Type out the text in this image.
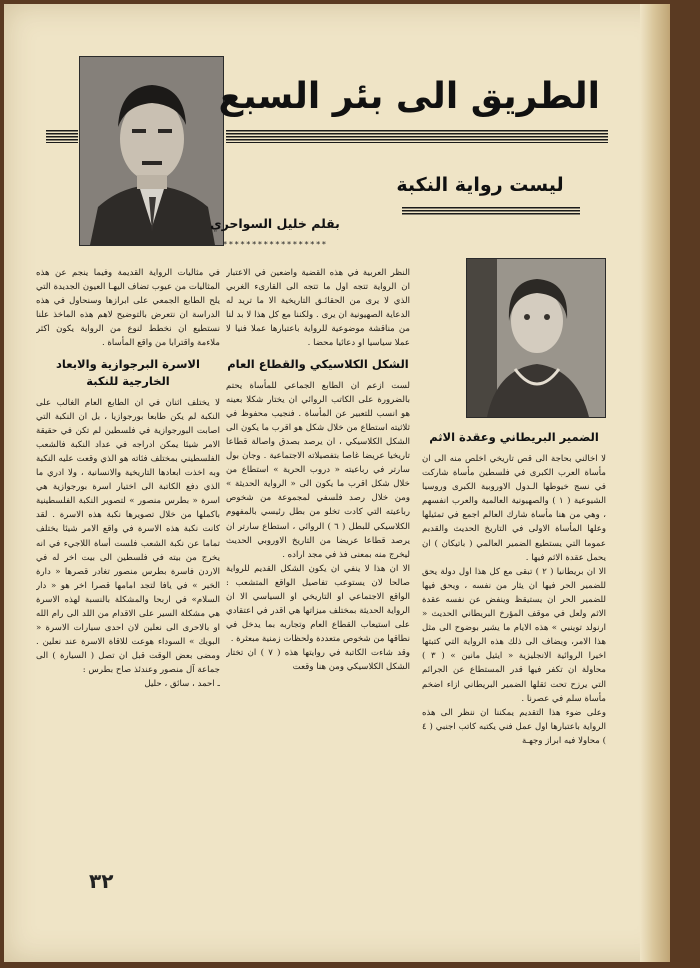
الطريق الى بئر السبع
ليست رواية النكبة
بقلم خليل السواحري
******************

الضمير البريطاني وعقدة الاثم

لا اخالني بحاجة الى قص تاريخي اخلص منه الى ان مأساة العرب الكبرى في فلسطين مأساة شاركت في نسج خيوطها الـدول الاوروبية الكبرى وروسيا الشيوعية ( ١ ) والصهيونية العالمية والعرب انفسهم ، وهي من هنا مأساة شارك العالم اجمع في تمثيلها وعلها المأساة الاولى في التاريخ الحديث والقديم عموما التي يستطيع الضمير العالمي ( باتيكان ) ان يحمل عقدة الاثم فيها .

الا ان بريطانيا ( ٢ ) تبقى مع كل هذا اول دولة يحق للضمير الحر فيها ان يثار من نفسه ، ويحق فيها للضمير الحر ان يستيقظ وينفض عن نفسه عقدة الاثم ولعل في موقف المؤرخ البريطاني الحديث « ارنولد توينبي » هذه الايام ما يشير بوضوح الى مثل هذا الامر، ويضاف الى ذلك هذه الرواية التي كتبتها اخيرا الروائية الانجليزية « ايثيل مانين » ( ٣ ) محاولة ان تكفر فيها قدر المستطاع عن الجرائم التي يرزح تحت ثقلها الضمير البريطاني ازاء اضخم مأساة سلم في عصرنا .

وعلى ضوء هذا التقديم يمكننا ان ننظر الى هذه الرواية باعتبارها اول عمل فني يكتبه كاتب اجنبي ( ٤ ) محاولا فيه ابراز وجهـة

النظر العربية في هذه القضية واضعين في الاعتبار ان الرواية تتجه اول ما تتجه الى القارىء الغربي الذي لا يرى من الحقائـق التاريخية الا ما تريد له الدعاية الصهيونية ان يرى . ولكننا مع كل هذا لا بد لنا من مناقشة موضوعية للرواية باعتبارها عملا فنيا لا عملا سياسيا او دعائيا محضا .

الشكل الكلاسيكي والقطاع العام

لست ازعم ان الطابع الجماعي للمأساة يحتم بالضرورة على الكاتب الروائي ان يختار شكلا بعينه هو انسب للتعبير عن المأساة . فنجيب محفوظ في ثلاثيته استطاع من خلال شكل هو اقرب ما يكون الى الشكل الكلاسيكي ، ان يرصد بصدق واصالة قطاعا تاريخيا عريضا غاصا بتفصيلاته الاجتماعية . وجان بول سارتر في رباعيته « دروب الحرية » استطاع من خلال شكل اقرب ما يكون الى « الرواية الحديثة » ومن خلال رصد فلسفي لمجموعة من شخوص رباعيته التي كادت تخلو من بطل رئيسي بالمفهوم الكلاسيكي للبطل ( ٦ ) الروائي ، استطاع سارتر ان يرصد قطاعا عريضا من التاريخ الاوروبي الحديث ليخرج منه بمعنى فذ في مجد اراده .

الا ان هذا لا ينفي ان يكون الشكل القديم للرواية صالحا لان يستوعب تفاصيل الواقع المتشعب : الواقع الاجتماعي او التاريخي او السياسي الا ان الرواية الحديثة بمختلف ميزاتها هي اقدر في اعتقادي على استيعاب القطاع العام وتجاربه بما يدخل في نطاقها من شخوص متعددة ولحظات زمنية مبعثرة .

وقد شاءت الكاتبة في روايتها هذه ( ٧ ) ان تختار الشكل الكلاسيكي ومن هنا وقعت

في مثاليات الرواية القديمة وفيما ينجم عن هذه المثاليات من عيوب تضاف اليهـا العيون الجديدة التي يلح الطابع الجمعي على ابرازها وسنحاول في هذه الدراسة ان نتعرض بالتوضيح لاهم هذه الماخذ علنا نستطيع ان نخطط لنوع من الرواية يكون اكثر ملاءمة واقترابا من واقع المأساة .

الاسرة البرجوازية والابعاد الخارجية للنكبة

لا يختلف اثنان في ان الطابع العام الغالب على النكبة لم يكن طابعا بورجوازيا ، بل ان النكبة التي اصابت البورجوازية في فلسطين لم تكن في حقيقة الامر شيئا يمكن ادراجه في عداد النكبة فالشعب الفلسطيني بمختلف فئاته هو الذي وقعت عليه النكبة وبه اخذت ابعادها التاريخية والانسانية ، ولا ادري ما الذي دفع الكاتبة الى اختيار اسرة بورجوازية هي اسرة « بطرس منصور » لتصوير النكبة الفلسطينية باكملها من خلال تصويرها نكبة هذه الاسرة . لقد كانت نكبة هذه الاسرة في واقع الامر شيئا يختلف تماما عن نكبة الشعب فلست أساة اللاجيء في انه يخرج من بيته في فلسطين الى بيت اخر له في الاردن فاسرة بطرس منصور تغادر قصرها « دارة الخير » في يافا لتجد امامها قصرا اخر هو « دار السلام» في اربحا والمشكلة بالنسبة لهذه الاسرة هي مشكلة السير على الاقدام من اللد الى رام الله او بالاحرى الى نعلين لان احدى سيارات الاسرة « البويك » السوداء هوعت للاقاة الاسرة عند نعلين . ومضى بعض الوقت قبل ان تصل ( السيارة ) الى جماعة آل منصور وعندئذ صاح بطرس :

ـ احمد ، سائق ، حليل

٣٢
